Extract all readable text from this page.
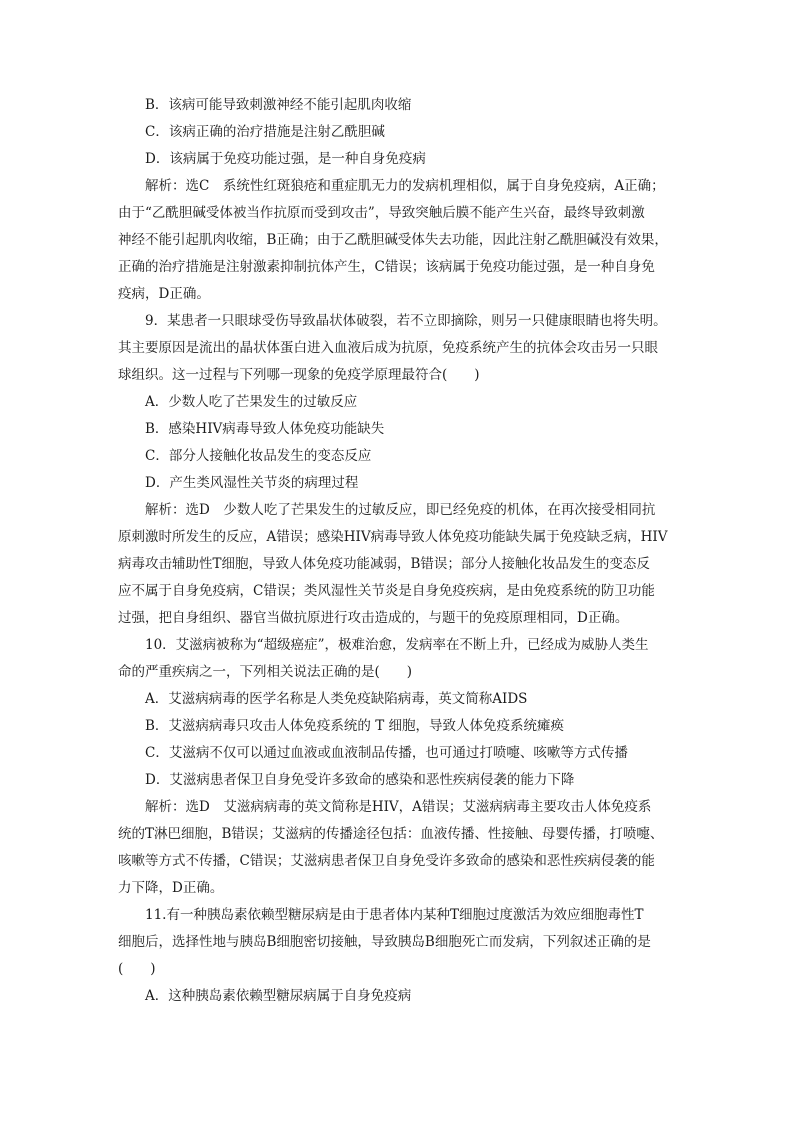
B．该病可能导致刺激神经不能引起肌肉收缩
C．该病正确的治疗措施是注射乙酰胆碱
D．该病属于免疫功能过强，是一种自身免疫病
解析：选C　系统性红斑狼疮和重症肌无力的发病机理相似，属于自身免疫病，A正确；
由于“乙酰胆碱受体被当作抗原而受到攻击”，导致突触后膜不能产生兴奋，最终导致刺激
神经不能引起肌肉收缩，B正确；由于乙酰胆碱受体失去功能，因此注射乙酰胆碱没有效果，
正确的治疗措施是注射激素抑制抗体产生，C错误；该病属于免疫功能过强，是一种自身免
疫病，D正确。
9．某患者一只眼球受伤导致晶状体破裂，若不立即摘除，则另一只健康眼睛也将失明。
其主要原因是流出的晶状体蛋白进入血液后成为抗原，免疫系统产生的抗体会攻击另一只眼
球组织。这一过程与下列哪一现象的免疫学原理最符合(　　)
A．少数人吃了芒果发生的过敏反应
B．感染HIV病毒导致人体免疫功能缺失
C．部分人接触化妆品发生的变态反应
D．产生类风湿性关节炎的病理过程
解析：选D　少数人吃了芒果发生的过敏反应，即已经免疫的机体，在再次接受相同抗
原刺激时所发生的反应，A错误；感染HIV病毒导致人体免疫功能缺失属于免疫缺乏病，HIV
病毒攻击辅助性T细胞，导致人体免疫功能减弱，B错误；部分人接触化妆品发生的变态反
应不属于自身免疫病，C错误；类风湿性关节炎是自身免疫疾病，是由免疫系统的防卫功能
过强，把自身组织、器官当做抗原进行攻击造成的，与题干的免疫原理相同，D正确。
10．艾滋病被称为“超级癌症”，极难治愈，发病率在不断上升，已经成为威胁人类生
命的严重疾病之一，下列相关说法正确的是(　　)
A．艾滋病病毒的医学名称是人类免疫缺陷病毒，英文简称AIDS
B．艾滋病病毒只攻击人体免疫系统的 T 细胞，导致人体免疫系统瘫痪
C．艾滋病不仅可以通过血液或血液制品传播，也可通过打喷嚏、咳嗽等方式传播
D．艾滋病患者保卫自身免受许多致命的感染和恶性疾病侵袭的能力下降
解析：选D　艾滋病病毒的英文简称是HIV，A错误；艾滋病病毒主要攻击人体免疫系
统的T淋巴细胞，B错误；艾滋病的传播途径包括：血液传播、性接触、母婴传播，打喷嚏、
咳嗽等方式不传播，C错误；艾滋病患者保卫自身免受许多致命的感染和恶性疾病侵袭的能
力下降，D正确。
11.有一种胰岛素依赖型糖尿病是由于患者体内某种T细胞过度激活为效应细胞毒性T
细胞后，选择性地与胰岛B细胞密切接触，导致胰岛B细胞死亡而发病，下列叙述正确的是
(　　)
A．这种胰岛素依赖型糖尿病属于自身免疫病
